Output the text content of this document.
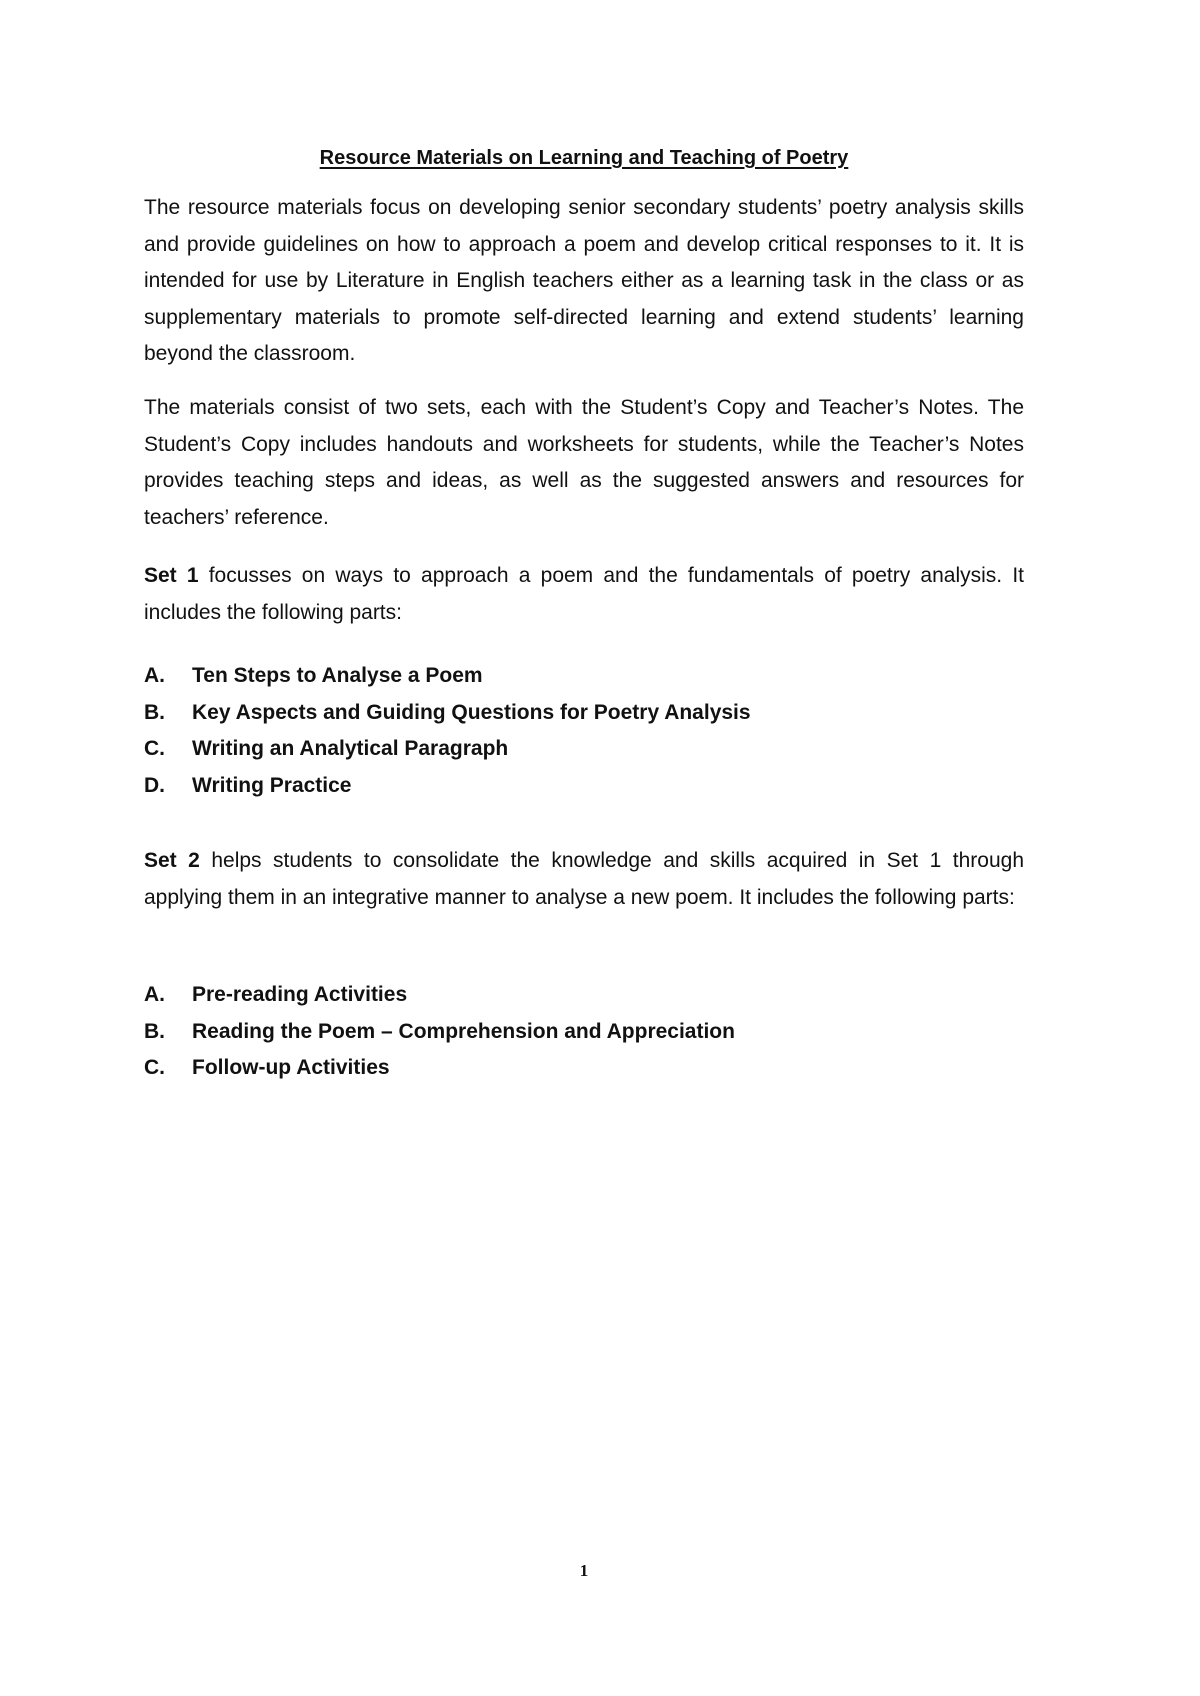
Resource Materials on Learning and Teaching of Poetry

The resource materials focus on developing senior secondary students’ poetry analysis skills and provide guidelines on how to approach a poem and develop critical responses to it. It is intended for use by Literature in English teachers either as a learning task in the class or as supplementary materials to promote self-directed learning and extend students’ learning beyond the classroom.

The materials consist of two sets, each with the Student’s Copy and Teacher’s Notes. The Student’s Copy includes handouts and worksheets for students, while the Teacher’s Notes provides teaching steps and ideas, as well as the suggested answers and resources for teachers’ reference.

Set 1 focusses on ways to approach a poem and the fundamentals of poetry analysis. It includes the following parts:

A. Ten Steps to Analyse a Poem
B. Key Aspects and Guiding Questions for Poetry Analysis
C. Writing an Analytical Paragraph
D. Writing Practice

Set 2 helps students to consolidate the knowledge and skills acquired in Set 1 through applying them in an integrative manner to analyse a new poem. It includes the following parts:

A. Pre-reading Activities
B. Reading the Poem – Comprehension and Appreciation
C. Follow-up Activities
1
